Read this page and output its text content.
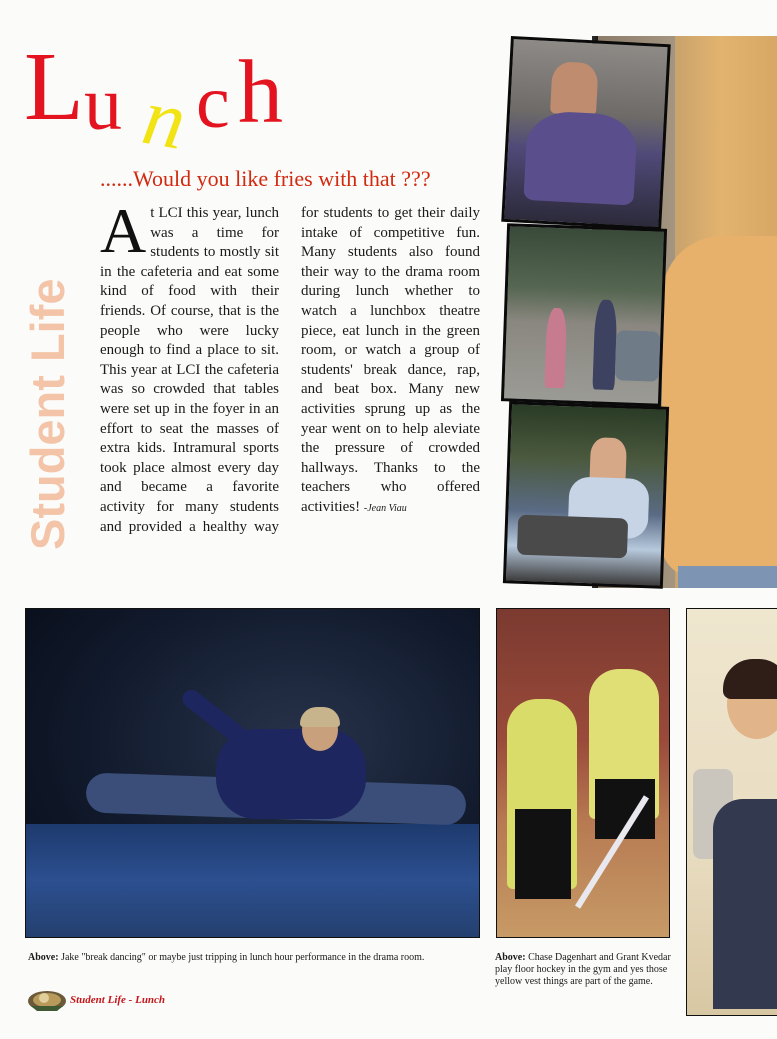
L u n c h
......Would you like fries with that ???
Student Life
At LCI this year, lunch was a time for students to mostly sit in the cafeteria and eat some kind of food with their friends. Of course, that is the people who were lucky enough to find a place to sit. This year at LCI the cafeteria was so crowded that tables were set up in the foyer in an effort to seat the masses of extra kids. Intramural sports took place almost every day and became a favorite activity for many students and provided a healthy way for students to get their daily intake of competitive fun. Many students also found their way to the drama room during lunch whether to watch a lunchbox theatre piece, eat lunch in the green room, or watch a group of students' break dance, rap, and beat box. Many new activities sprung up as the year went on to help aleviate the pressure of crowded hallways. Thanks to the teachers who offered activities! -Jean Viau
Above: Jake "break dancing" or maybe just tripping in lunch hour performance in the drama room.	Above: Chase Dagenhart and Grant Kvedar play floor hockey in the gym and yes those yellow vest things are part of the game.
Student Life - Lunch
